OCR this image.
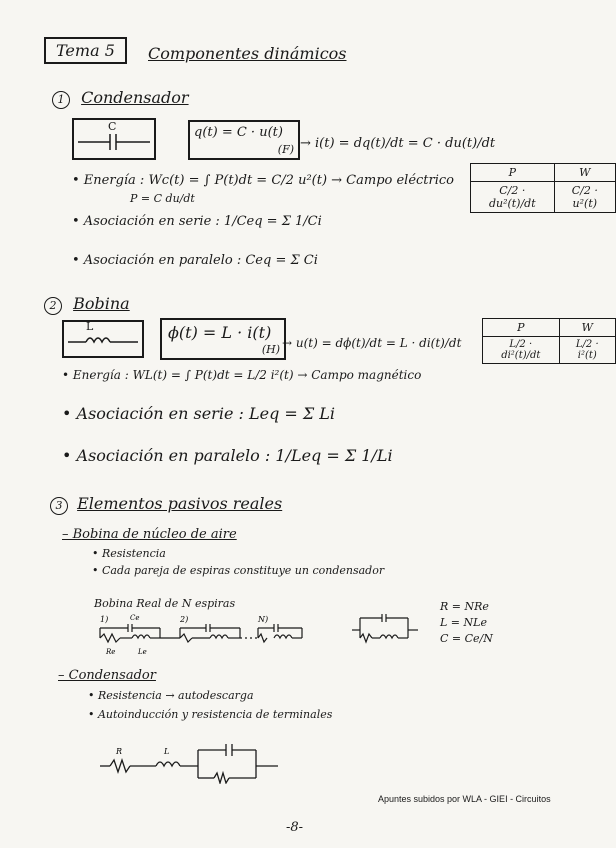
Tema 5	Componentes dinámicos
1 Condensador
C	q(t) = C · u(t)
(F) → i(t) = dq(t)/dt = C · du(t)/dt
• Energía : Wc(t) = ∫ P(t)dt = C/2 u²(t) → Campo eléctrico
P = C du/dt
P	W
C/2 · du²(t)/dt	C/2 · u²(t)
• Asociación en serie : 1/Ceq = Σ 1/Ci
• Asociación en paralelo : Ceq = Σ Ci
2 Bobina
L	ϕ(t) = L · i(t)
(H) → u(t) = dϕ(t)/dt = L · di(t)/dt
P	W
L/2 · di²(t)/dt	L/2 · i²(t)
• Energía : WL(t) = ∫ P(t)dt = L/2 i²(t) → Campo magnético
• Asociación en serie : Leq = Σ Li
• Asociación en paralelo : 1/Leq = Σ 1/Li
3 Elementos pasivos reales
– Bobina de núcleo de aire
• Resistencia
• Cada pareja de espiras constituye un condensador
Bobina Real de N espiras
1)	2)	N)
Re	Le
Ce
R = NRe
L = NLe
C = Ce/N
– Condensador
• Resistencia → autodescarga
• Autoinducción y resistencia de terminales
R	L
Apuntes subidos por WLA - GIEI - Circuitos
-8-
